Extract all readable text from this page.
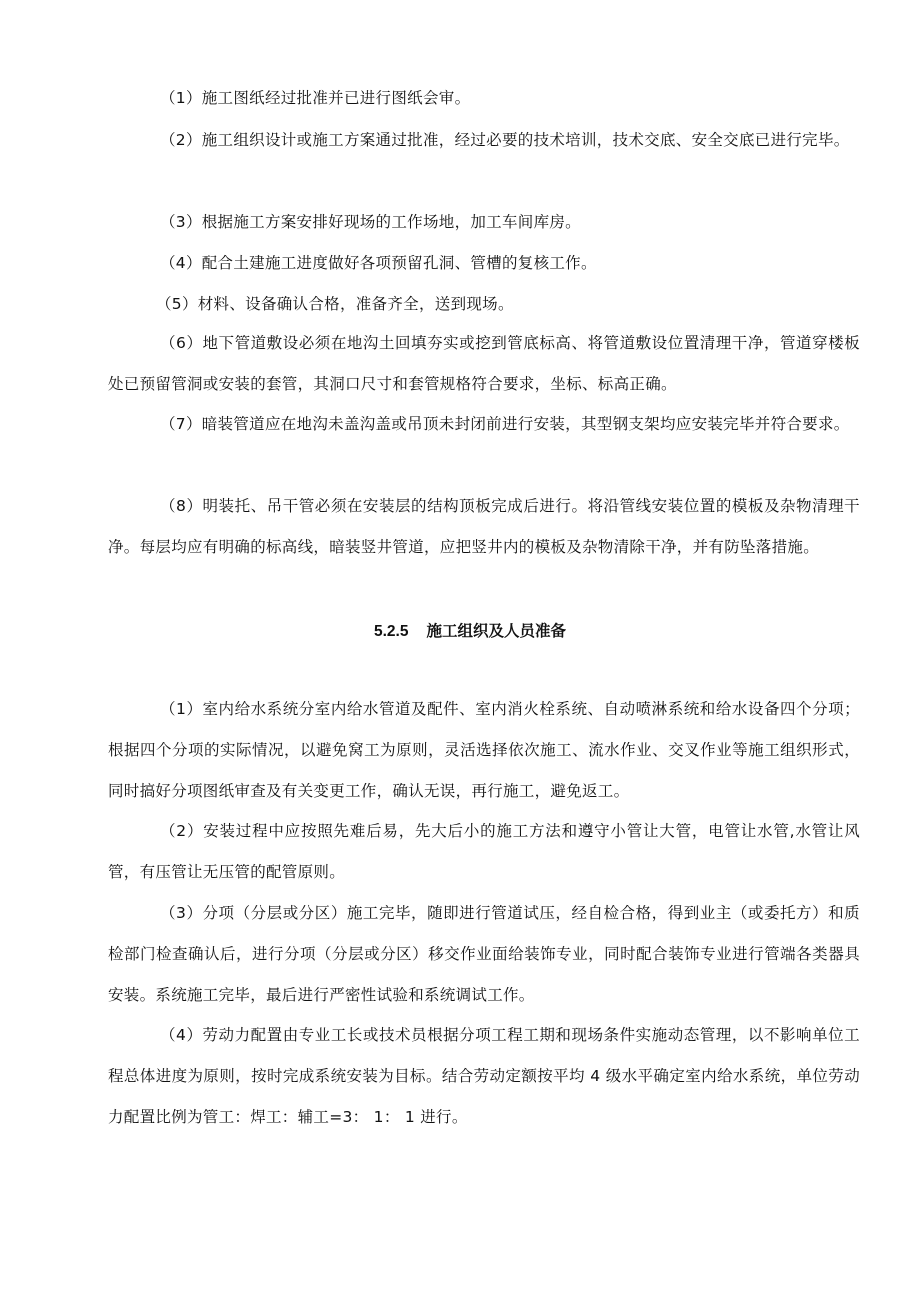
（1）施工图纸经过批准并已进行图纸会审。

（2）施工组织设计或施工方案通过批准，经过必要的技术培训，技术交底、安全交底已进行完毕。

（3）根据施工方案安排好现场的工作场地，加工车间库房。

（4）配合土建施工进度做好各项预留孔洞、管槽的复核工作。

（5）材料、设备确认合格，准备齐全，送到现场。

（6）地下管道敷设必须在地沟土回填夯实或挖到管底标高、将管道敷设位置清理干净，管道穿楼板处已预留管洞或安装的套管，其洞口尺寸和套管规格符合要求，坐标、标高正确。

（7）暗装管道应在地沟未盖沟盖或吊顶未封闭前进行安装，其型钢支架均应安装完毕并符合要求。

（8）明装托、吊干管必须在安装层的结构顶板完成后进行。将沿管线安装位置的模板及杂物清理干净。每层均应有明确的标高线，暗装竖井管道，应把竖井内的模板及杂物清除干净，并有防坠落措施。

5.2.5 施工组织及人员准备

（1）室内给水系统分室内给水管道及配件、室内消火栓系统、自动喷淋系统和给水设备四个分项；根据四个分项的实际情况，以避免窝工为原则，灵活选择依次施工、流水作业、交叉作业等施工组织形式，同时搞好分项图纸审查及有关变更工作，确认无误，再行施工，避免返工。

（2）安装过程中应按照先难后易，先大后小的施工方法和遵守小管让大管，电管让水管,水管让风管，有压管让无压管的配管原则。

（3）分项（分层或分区）施工完毕，随即进行管道试压，经自检合格，得到业主（或委托方）和质检部门检查确认后，进行分项（分层或分区）移交作业面给装饰专业，同时配合装饰专业进行管端各类器具安装。系统施工完毕，最后进行严密性试验和系统调试工作。

（4）劳动力配置由专业工长或技术员根据分项工程工期和现场条件实施动态管理，以不影响单位工程总体进度为原则，按时完成系统安装为目标。结合劳动定额按平均 4 级水平确定室内给水系统，单位劳动力配置比例为管工：焊工：辅工=3： 1： 1 进行。
